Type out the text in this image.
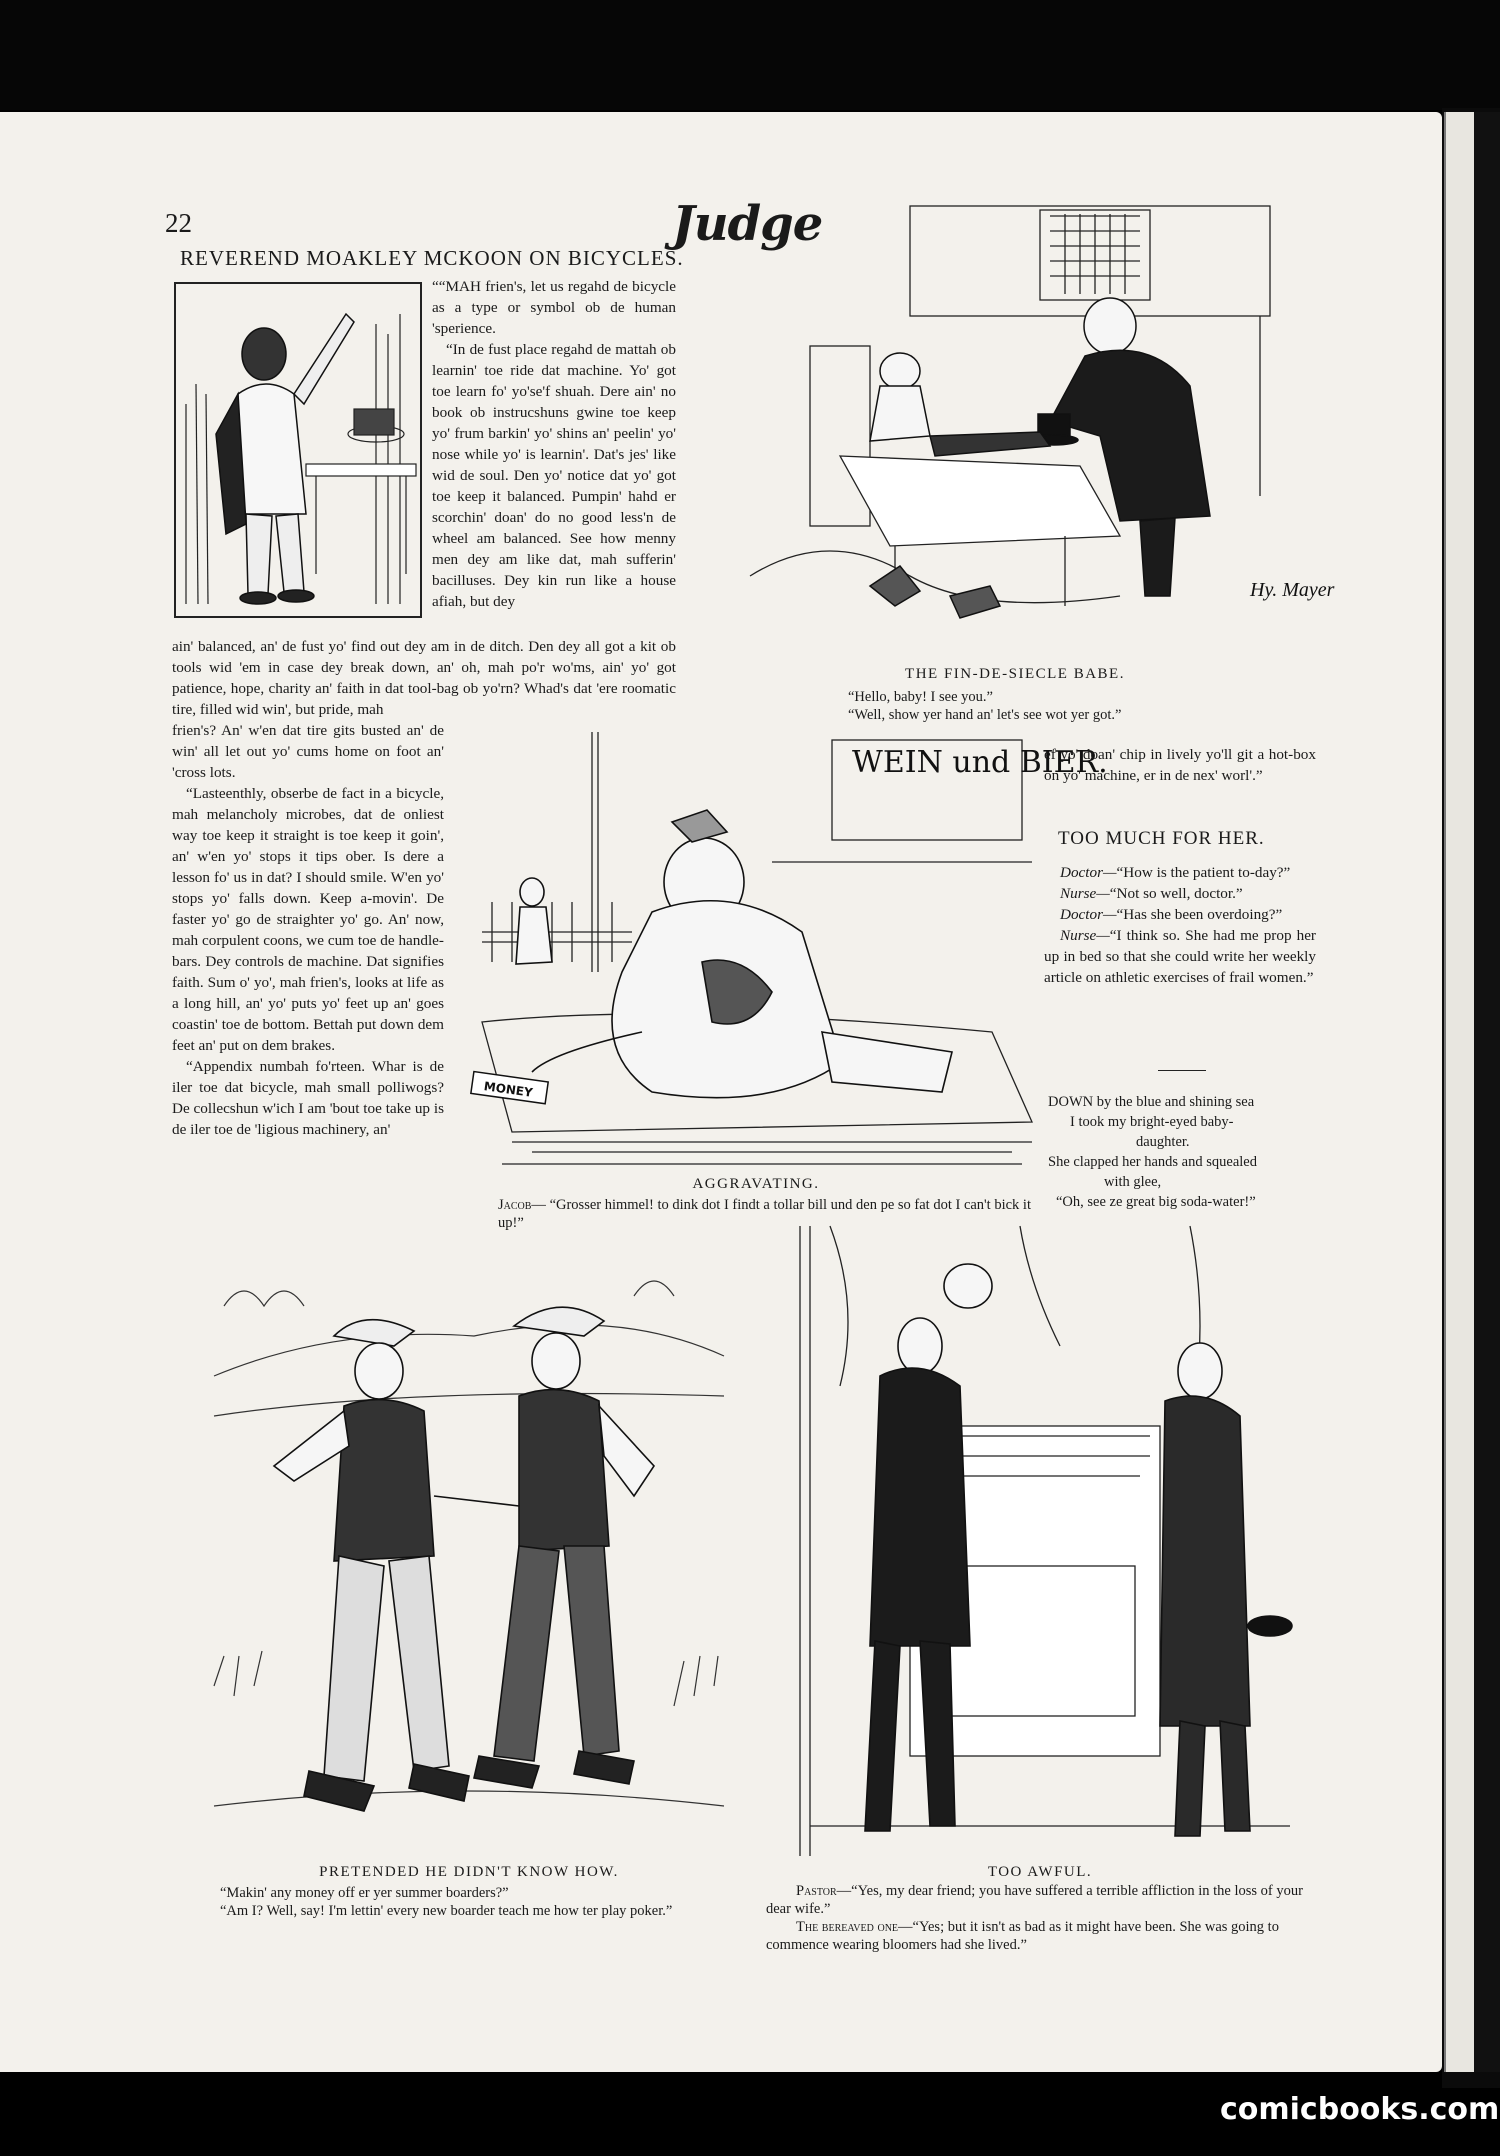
22	Judge
REVEREND MOAKLEY MCKOON ON BICYCLES.

““MAH frien's, let us regahd de bicycle as a type or symbol ob de human 'sperience.

“In de fust place regahd de mattah ob learnin' toe ride dat machine. Yo' got toe learn fo' yo'se'f shuah. Dere ain' no book ob instrucshuns gwine toe keep yo' frum barkin' yo' shins an' peelin' yo' nose while yo' is learnin'. Dat's jes' like wid de soul. Den yo' notice dat yo' got toe keep it balanced. Pumpin' hahd er scorchin' doan' do no good less'n de wheel am balanced. See how menny men dey am like dat, mah sufferin' bacilluses. Dey kin run like a house afiah, but dey

ain' balanced, an' de fust yo' find out dey am in de ditch. Den dey all got a kit ob tools wid 'em in case dey break down, an' oh, mah po'r wo'ms, ain' yo' got patience, hope, charity an' faith in dat tool-bag ob yo'rn? Whad's dat 'ere roomatic tire, filled wid win', but pride, mah

frien's? An' w'en dat tire gits busted an' de win' all let out yo' cums home on foot an' 'cross lots.

“Lasteenthly, obserbe de fact in a bicycle, mah melancholy microbes, dat de onliest way toe keep it straight is toe keep it goin', an' w'en yo' stops it tips ober. Is dere a lesson fo' us in dat? I should smile. W'en yo' stops yo' falls down. Keep a-movin'. De faster yo' go de straighter yo' go. An' now, mah corpulent coons, we cum toe de handle-bars. Dey controls de machine. Dat signifies faith. Sum o' yo', mah frien's, looks at life as a long hill, an' yo' puts yo' feet up an' goes coastin' toe de bottom. Bettah put down dem feet an' put on dem brakes.

“Appendix numbah fo'rteen. Whar is de iler toe dat bicycle, mah small polliwogs? De collecshun w'ich I am 'bout toe take up is de iler toe de 'ligious machinery, an'

Hy. Mayer
THE FIN-DE-SIECLE BABE.
“Hello, baby! I see you.”
“Well, show yer hand an' let's see wot yer got.”
WEIN und BIER.
MONEY
AGGRAVATING.
Jacob— “Grosser himmel! to dink dot I findt a tollar bill und den pe so fat dot I can't bick it up!”
ef yo' doan' chip in lively yo'll git a hot-box on yo' machine, er in de nex' worl'.”
TOO MUCH FOR HER.

Doctor—“How is the patient to-day?”

Nurse—“Not so well, doctor.”

Doctor—“Has she been overdoing?”

Nurse—“I think so. She had me prop her up in bed so that she could write her weekly article on athletic exercises of frail women.”

DOWN by the blue and shining sea
I took my bright-eyed baby-
daughter.
She clapped her hands and squealed
with glee,
“Oh, see ze great big soda-water!”
PRETENDED HE DIDN'T KNOW HOW.
“Makin' any money off er yer summer boarders?”
“Am I? Well, say! I'm lettin' every new boarder teach me how ter play poker.”
TOO AWFUL.
Pastor—“Yes, my dear friend; you have suffered a terrible affliction in the loss of your dear wife.”
The bereaved one—“Yes; but it isn't as bad as it might have been. She was going to commence wearing bloomers had she lived.”
comicbooks.com
